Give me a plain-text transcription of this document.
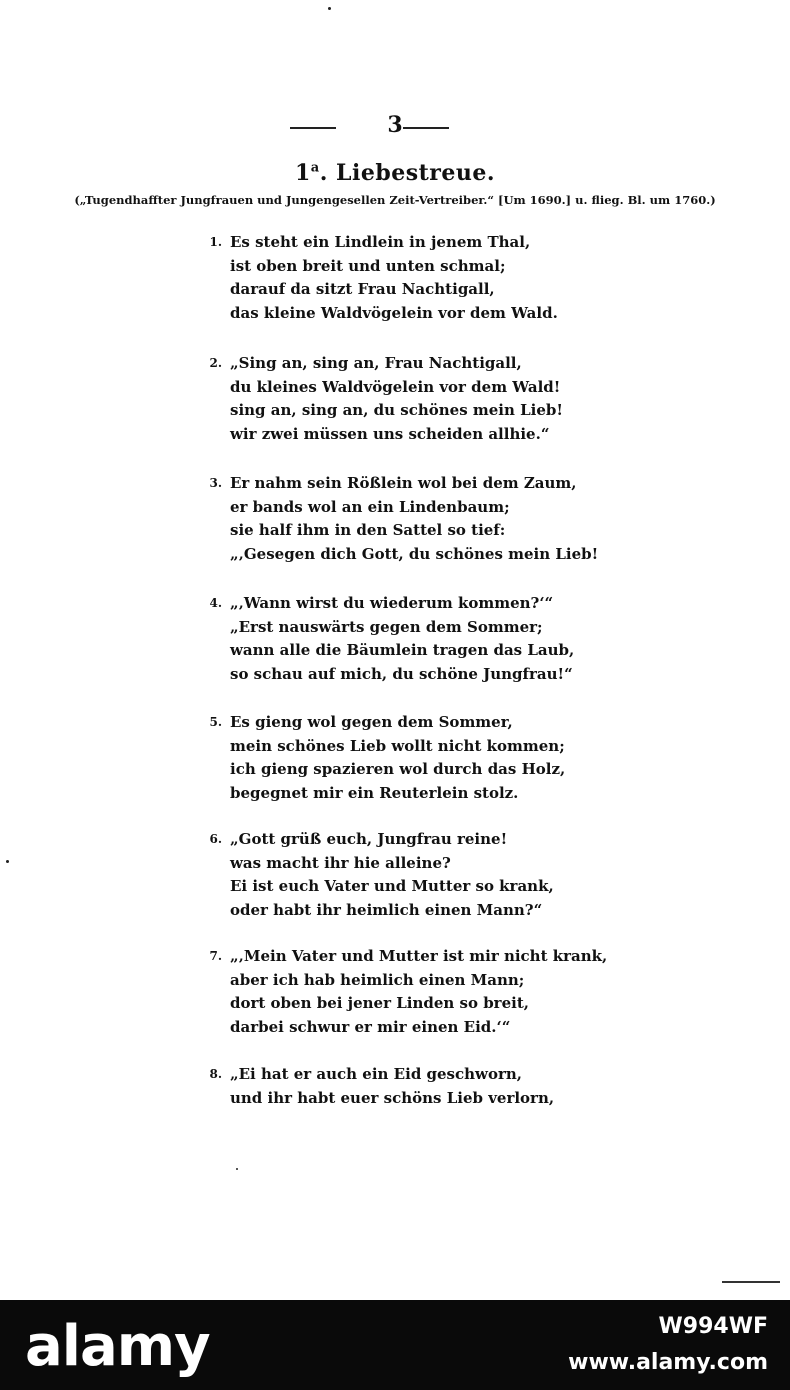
3
1$^a$. Liebestreue.
(„Tugendhaffter Jungfrauen und Jungengesellen Zeit-Vertreiber.“ [Um 1690.] u. flieg. Bl. um 1760.)
1. Es steht ein Lindlein in jenem Thal,
ist oben breit und unten schmal;
darauf da sitzt Frau Nachtigall,
das kleine Waldvögelein vor dem Wald.
2. „Sing an, sing an, Frau Nachtigall,
du kleines Waldvögelein vor dem Wald!
sing an, sing an, du schönes mein Lieb!
wir zwei müssen uns scheiden allhie.“
3. Er nahm sein Rößlein wol bei dem Zaum,
er bands wol an ein Lindenbaum;
sie half ihm in den Sattel so tief:
„‚Gesegen dich Gott, du schönes mein Lieb!
4. „‚Wann wirst du wiederum kommen?‘“
„Erst nauswärts gegen dem Sommer;
wann alle die Bäumlein tragen das Laub,
so schau auf mich, du schöne Jungfrau!“
5. Es gieng wol gegen dem Sommer,
mein schönes Lieb wollt nicht kommen;
ich gieng spazieren wol durch das Holz,
begegnet mir ein Reuterlein stolz.
6. „Gott grüß euch, Jungfrau reine!
was macht ihr hie alleine?
Ei ist euch Vater und Mutter so krank,
oder habt ihr heimlich einen Mann?“
7. „‚Mein Vater und Mutter ist mir nicht krank,
aber ich hab heimlich einen Mann;
dort oben bei jener Linden so breit,
darbei schwur er mir einen Eid.‘“
8. „Ei hat er auch ein Eid geschworn,
und ihr habt euer schöns Lieb verlorn,
alamy	W994WF
www.alamy.com
